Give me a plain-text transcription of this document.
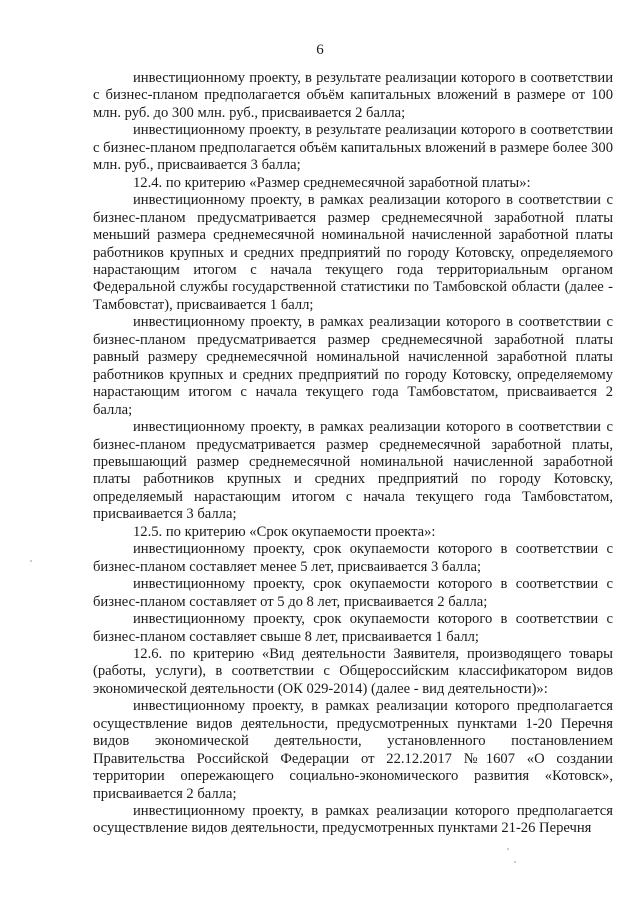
6

инвестиционному проекту, в результате реализации которого в соответствии с бизнес-планом предполагается объём капитальных вложений в размере от 100 млн. руб. до 300 млн. руб., присваивается 2 балла;

инвестиционному проекту, в результате реализации которого в соответствии с бизнес-планом предполагается объём капитальных вложений в размере более 300 млн. руб., присваивается 3 балла;

12.4. по критерию «Размер среднемесячной заработной платы»:

инвестиционному проекту, в рамках реализации которого в соответствии с бизнес-планом предусматривается размер среднемесячной заработной платы меньший размера среднемесячной номинальной начисленной заработной платы работников крупных и средних предприятий по городу Котовску, определяемого нарастающим итогом с начала текущего года территориальным органом Федеральной службы государственной статистики по Тамбовской области (далее - Тамбовстат), присваивается 1 балл;

инвестиционному проекту, в рамках реализации которого в соответствии с бизнес-планом предусматривается размер среднемесячной заработной платы равный размеру среднемесячной номинальной начисленной заработной платы работников крупных и средних предприятий по городу Котовску, определяемому нарастающим итогом с начала текущего года Тамбовстатом, присваивается 2 балла;

инвестиционному проекту, в рамках реализации которого в соответствии с бизнес-планом предусматривается размер среднемесячной заработной платы, превышающий размер среднемесячной номинальной начисленной заработной платы работников крупных и средних предприятий по городу Котовску, определяемый нарастающим итогом с начала текущего года Тамбовстатом, присваивается 3 балла;

12.5. по критерию «Срок окупаемости проекта»:

инвестиционному проекту, срок окупаемости которого в соответствии с бизнес-планом составляет менее 5 лет, присваивается 3 балла;

инвестиционному проекту, срок окупаемости которого в соответствии с бизнес-планом составляет от 5 до 8 лет, присваивается 2 балла;

инвестиционному проекту, срок окупаемости которого в соответствии с бизнес-планом составляет свыше 8 лет, присваивается 1 балл;

12.6. по критерию «Вид деятельности Заявителя, производящего товары (работы, услуги), в соответствии с Общероссийским классификатором видов экономической деятельности (ОК 029-2014) (далее - вид деятельности)»:

инвестиционному проекту, в рамках реализации которого предполагается осуществление видов деятельности, предусмотренных пунктами 1-20 Перечня видов экономической деятельности, установленного постановлением Правительства Российской Федерации от 22.12.2017 №1607 «О создании территории опережающего социально-экономического развития «Котовск», присваивается 2 балла;

инвестиционному проекту, в рамках реализации которого предполагается осуществление видов деятельности, предусмотренных пунктами 21-26 Перечня
